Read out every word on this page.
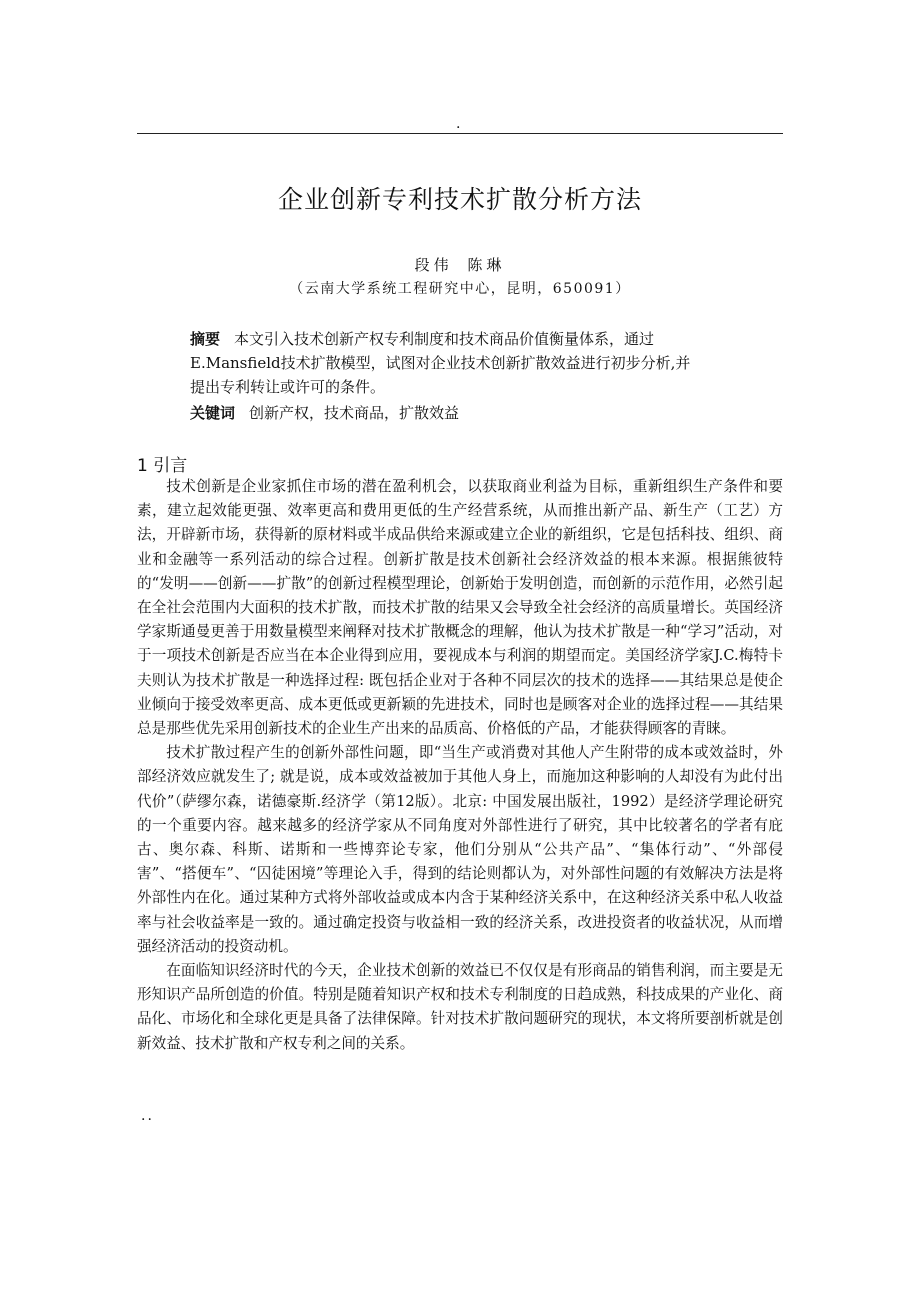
.
企业创新专利技术扩散分析方法
段伟 陈琳
（云南大学系统工程研究中心，昆明，650091）
摘要 本文引入技术创新产权专利制度和技术商品价值衡量体系，通过
E.Mansfield技术扩散模型，试图对企业技术创新扩散效益进行初步分析,并
提出专利转让或许可的条件。
关键词 创新产权，技术商品，扩散效益
1 引言

技术创新是企业家抓住市场的潜在盈利机会，以获取商业利益为目标，重新组织生产条件和要素，建立起效能更强、效率更高和费用更低的生产经营系统，从而推出新产品、新生产（工艺）方法，开辟新市场，获得新的原材料或半成品供给来源或建立企业的新组织，它是包括科技、组织、商业和金融等一系列活动的综合过程。创新扩散是技术创新社会经济效益的根本来源。根据熊彼特的“发明——创新——扩散”的创新过程模型理论，创新始于发明创造，而创新的示范作用，必然引起在全社会范围内大面积的技术扩散，而技术扩散的结果又会导致全社会经济的高质量增长。英国经济学家斯通曼更善于用数量模型来阐释对技术扩散概念的理解，他认为技术扩散是一种“学习”活动，对于一项技术创新是否应当在本企业得到应用，要视成本与利润的期望而定。美国经济学家J.C.梅特卡夫则认为技术扩散是一种选择过程: 既包括企业对于各种不同层次的技术的选择——其结果总是使企业倾向于接受效率更高、成本更低或更新颖的先进技术，同时也是顾客对企业的选择过程——其结果总是那些优先采用创新技术的企业生产出来的品质高、价格低的产品，才能获得顾客的青睐。

技术扩散过程产生的创新外部性问题，即“当生产或消费对其他人产生附带的成本或效益时，外部经济效应就发生了; 就是说，成本或效益被加于其他人身上，而施加这种影响的人却没有为此付出代价”（萨缪尔森，诺德豪斯.经济学（第12版）。北京: 中国发展出版社，1992）是经济学理论研究的一个重要内容。越来越多的经济学家从不同角度对外部性进行了研究，其中比较著名的学者有庇古、奥尔森、科斯、诺斯和一些博弈论专家，他们分别从“公共产品”、“集体行动”、“外部侵害”、“搭便车”、“囚徒困境”等理论入手，得到的结论则都认为，对外部性问题的有效解决方法是将外部性内在化。通过某种方式将外部收益或成本内含于某种经济关系中，在这种经济关系中私人收益率与社会收益率是一致的。通过确定投资与收益相一致的经济关系，改进投资者的收益状况，从而增强经济活动的投资动机。

在面临知识经济时代的今天，企业技术创新的效益已不仅仅是有形商品的销售利润，而主要是无形知识产品所创造的价值。特别是随着知识产权和技术专利制度的日趋成熟，科技成果的产业化、商品化、市场化和全球化更是具备了法律保障。针对技术扩散问题研究的现状，本文将所要剖析就是创新效益、技术扩散和产权专利之间的关系。

..
